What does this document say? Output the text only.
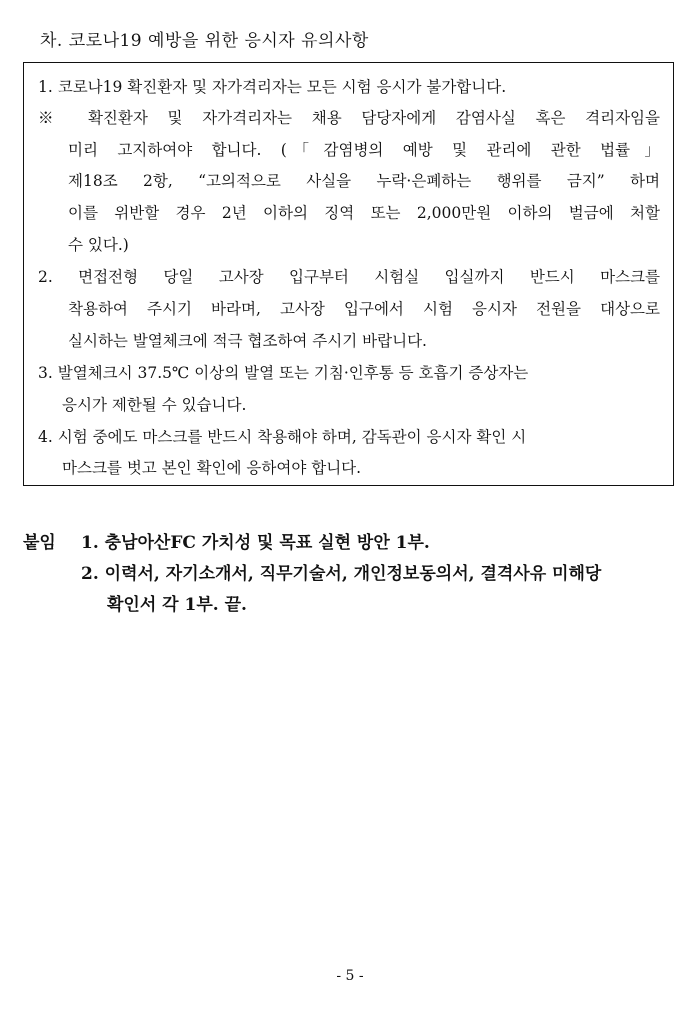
차. 코로나19 예방을 위한 응시자 유의사항
1. 코로나19 확진환자 및 자가격리자는 모든 시험 응시가 불가합니다.
※ 확진환자 및 자가격리자는 채용 담당자에게 감염사실 혹은 격리자임을
미리 고지하여야 합니다. (「감염병의 예방 및 관리에 관한 법률」
제18조 2항, “고의적으로 사실을 누락·은폐하는 행위를 금지” 하며
이를 위반할 경우 2년 이하의 징역 또는 2,000만원 이하의 벌금에 처할
수 있다.)
2. 면접전형 당일 고사장 입구부터 시험실 입실까지 반드시 마스크를
착용하여 주시기 바라며, 고사장 입구에서 시험 응시자 전원을 대상으로
실시하는 발열체크에 적극 협조하여 주시기 바랍니다.
3. 발열체크시 37.5℃ 이상의 발열 또는 기침·인후통 등 호흡기 증상자는
응시가 제한될 수 있습니다.
4. 시험 중에도 마스크를 반드시 착용해야 하며, 감독관이 응시자 확인 시
마스크를 벗고 본인 확인에 응하여야 합니다.
붙임 1. 충남아산FC 가치성 및 목표 실현 방안 1부.
2. 이력서, 자기소개서, 직무기술서, 개인정보동의서, 결격사유 미해당
확인서 각 1부. 끝.
- 5 -
